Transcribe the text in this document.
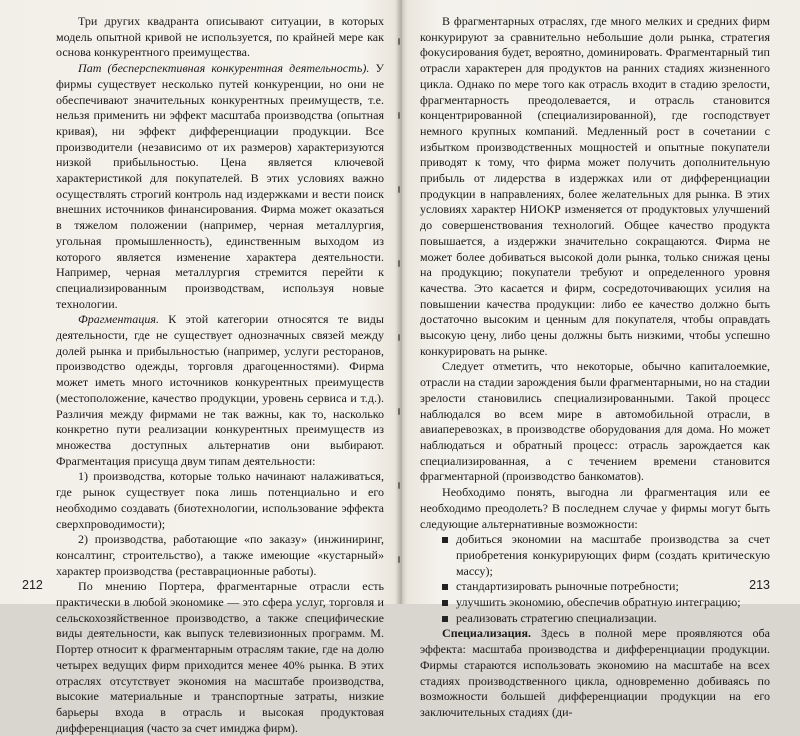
Три других квадранта описывают ситуации, в которых модель опытной кривой не используется, по крайней мере как основа конкурентного преимущества.

Пат (бесперспективная конкурентная деятельность). У фирмы существует несколько путей конкуренции, но они не обеспечивают значительных конкурентных преимуществ, т.е. нельзя применить ни эффект масштаба производства (опытная кривая), ни эффект дифференциации продукции. Все производители (независимо от их размеров) характеризуются низкой прибыльностью. Цена является ключевой характеристикой для покупателей. В этих условиях важно осуществлять строгий контроль над издержками и вести поиск внешних источников финансирования. Фирма может оказаться в тяжелом положении (например, черная металлургия, угольная промышленность), единственным выходом из которого является изменение характера деятельности. Например, черная металлургия стремится перейти к специализированным производствам, используя новые технологии.

Фрагментация. К этой категории относятся те виды деятельности, где не существует однозначных связей между долей рынка и прибыльностью (например, услуги ресторанов, производство одежды, торговля драгоценностями). Фирма может иметь много источников конкурентных преимуществ (местоположение, качество продукции, уровень сервиса и т.д.). Различия между фирмами не так важны, как то, насколько конкретно пути реализации конкурентных преимуществ из множества доступных альтернатив они выбирают. Фрагментация присуща двум типам деятельности:

1) производства, которые только начинают налаживаться, где рынок существует пока лишь потенциально и его необходимо создавать (биотехнологии, использование эффекта сверхпроводимости);

2) производства, работающие «по заказу» (инжиниринг, консалтинг, строительство), а также имеющие «кустарный» характер производства (реставрационные работы).

По мнению Портера, фрагментарные отрасли есть практически в любой экономике — это сфера услуг, торговля и сельскохозяйственное производство, а также специфические виды деятельности, как выпуск телевизионных программ. М. Портер относит к фрагментарным отраслям такие, где на долю четырех ведущих фирм приходится менее 40% рынка. В этих отраслях отсутствует экономия на масштабе производства, высокие материальные и транспортные затраты, низкие барьеры входа в отрасль и высокая продуктовая дифференциация (часто за счет имиджа фирм).

212

В фрагментарных отраслях, где много мелких и средних фирм конкурируют за сравнительно небольшие доли рынка, стратегия фокусирования будет, вероятно, доминировать. Фрагментарный тип отрасли характерен для продуктов на ранних стадиях жизненного цикла. Однако по мере того как отрасль входит в стадию зрелости, фрагментарность преодолевается, и отрасль становится концентрированной (специализированной), где господствует немного крупных компаний. Медленный рост в сочетании с избытком производственных мощностей и опытные покупатели приводят к тому, что фирма может получить дополнительную прибыль от лидерства в издержках или от дифференциации продукции в направлениях, более желательных для рынка. В этих условиях характер НИОКР изменяется от продуктовых улучшений до совершенствования технологий. Общее качество продукта повышается, а издержки значительно сокращаются. Фирма не может более добиваться высокой доли рынка, только снижая цены на продукцию; покупатели требуют и определенного уровня качества. Это касается и фирм, сосредоточивающих усилия на повышении качества продукции: либо ее качество должно быть достаточно высоким и ценным для покупателя, чтобы оправдать высокую цену, либо цены должны быть низкими, чтобы успешно конкурировать на рынке.

Следует отметить, что некоторые, обычно капиталоемкие, отрасли на стадии зарождения были фрагментарными, но на стадии зрелости становились специализированными. Такой процесс наблюдался во всем мире в автомобильной отрасли, в авиаперевозках, в производстве оборудования для дома. Но может наблюдаться и обратный процесс: отрасль зарождается как специализированная, а с течением времени становится фрагментарной (производство банкоматов).

Необходимо понять, выгодна ли фрагментация или ее необходимо преодолеть? В последнем случае у фирмы могут быть следующие альтернативные возможности:

добиться экономии на масштабе производства за счет приобретения конкурирующих фирм (создать критическую массу);
стандартизировать рыночные потребности;
улучшить экономию, обеспечив обратную интеграцию;
реализовать стратегию специализации.

Специализация. Здесь в полной мере проявляются оба эффекта: масштаба производства и дифференциации продукции. Фирмы стараются использовать экономию на масштабе на всех стадиях производственного цикла, одновременно добиваясь по возможности большей дифференциации продукции на его заключительных стадиях (ди-

213
